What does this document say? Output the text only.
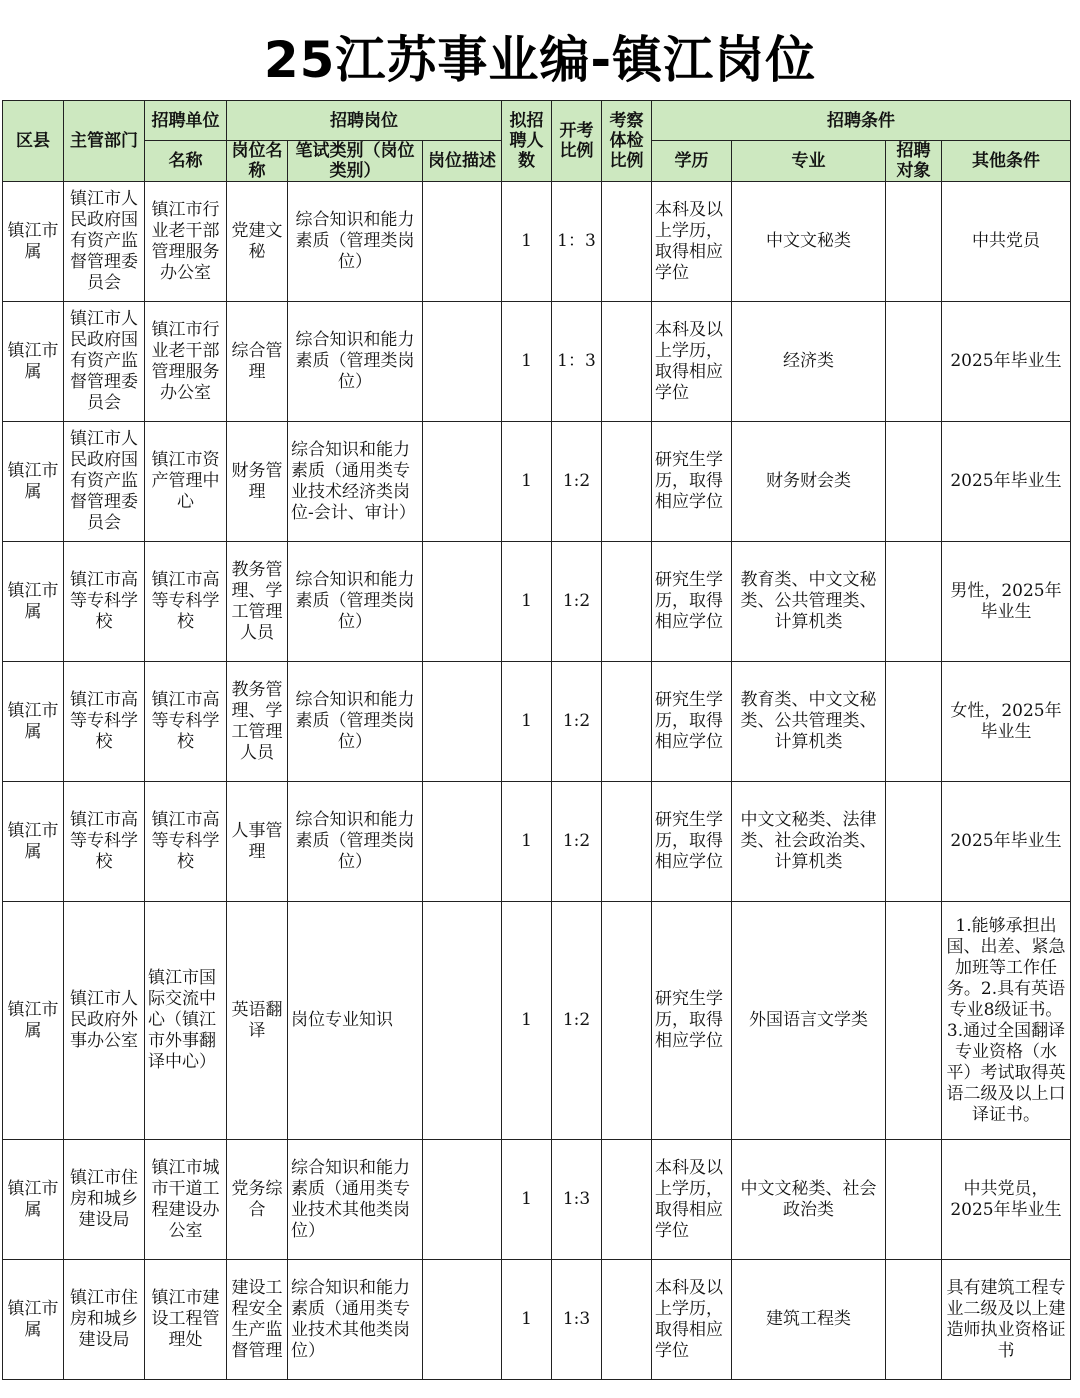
25江苏事业编-镇江岗位
区县	主管部门	招聘单位	招聘岗位			拟招聘人数	开考比例	考察体检比例	招聘条件			
		名称	岗位名称	笔试类别（岗位类别）	岗位描述				学历	专业	招聘对象	其他条件
镇江市属	镇江市人民政府国有资产监督管理委员会	镇江市行业老干部管理服务办公室	党建文秘	综合知识和能力素质（管理类岗位）		1	1：3		本科及以上学历，取得相应学位	中文文秘类		中共党员
镇江市属	镇江市人民政府国有资产监督管理委员会	镇江市行业老干部管理服务办公室	综合管理	综合知识和能力素质（管理类岗位）		1	1：3		本科及以上学历，取得相应学位	经济类		2025年毕业生
镇江市属	镇江市人民政府国有资产监督管理委员会	镇江市资产管理中心	财务管理	综合知识和能力素质（通用类专业技术经济类岗位-会计、审计）		1	1:2		研究生学历，取得相应学位	财务财会类		2025年毕业生
镇江市属	镇江市高等专科学校	镇江市高等专科学校	教务管理、学工管理人员	综合知识和能力素质（管理类岗位）		1	1:2		研究生学历，取得相应学位	教育类、中文文秘类、公共管理类、计算机类		男性，2025年毕业生
镇江市属	镇江市高等专科学校	镇江市高等专科学校	教务管理、学工管理人员	综合知识和能力素质（管理类岗位）		1	1:2		研究生学历，取得相应学位	教育类、中文文秘类、公共管理类、计算机类		女性，2025年毕业生
镇江市属	镇江市高等专科学校	镇江市高等专科学校	人事管理	综合知识和能力素质（管理类岗位）		1	1:2		研究生学历，取得相应学位	中文文秘类、法律类、社会政治类、计算机类		2025年毕业生
镇江市属	镇江市人民政府外事办公室	镇江市国际交流中心（镇江市外事翻译中心）	英语翻译	岗位专业知识		1	1:2		研究生学历，取得相应学位	外国语言文学类		1.能够承担出国、出差、紧急加班等工作任务。2.具有英语专业8级证书。3.通过全国翻译专业资格（水平）考试取得英语二级及以上口译证书。
镇江市属	镇江市住房和城乡建设局	镇江市城市干道工程建设办公室	党务综合	综合知识和能力素质（通用类专业技术其他类岗位）		1	1:3		本科及以上学历，取得相应学位	中文文秘类、社会政治类		中共党员，2025年毕业生
镇江市属	镇江市住房和城乡建设局	镇江市建设工程管理处	建设工程安全生产监督管理	综合知识和能力素质（通用类专业技术其他类岗位）		1	1:3		本科及以上学历，取得相应学位	建筑工程类		具有建筑工程专业二级及以上建造师执业资格证书
